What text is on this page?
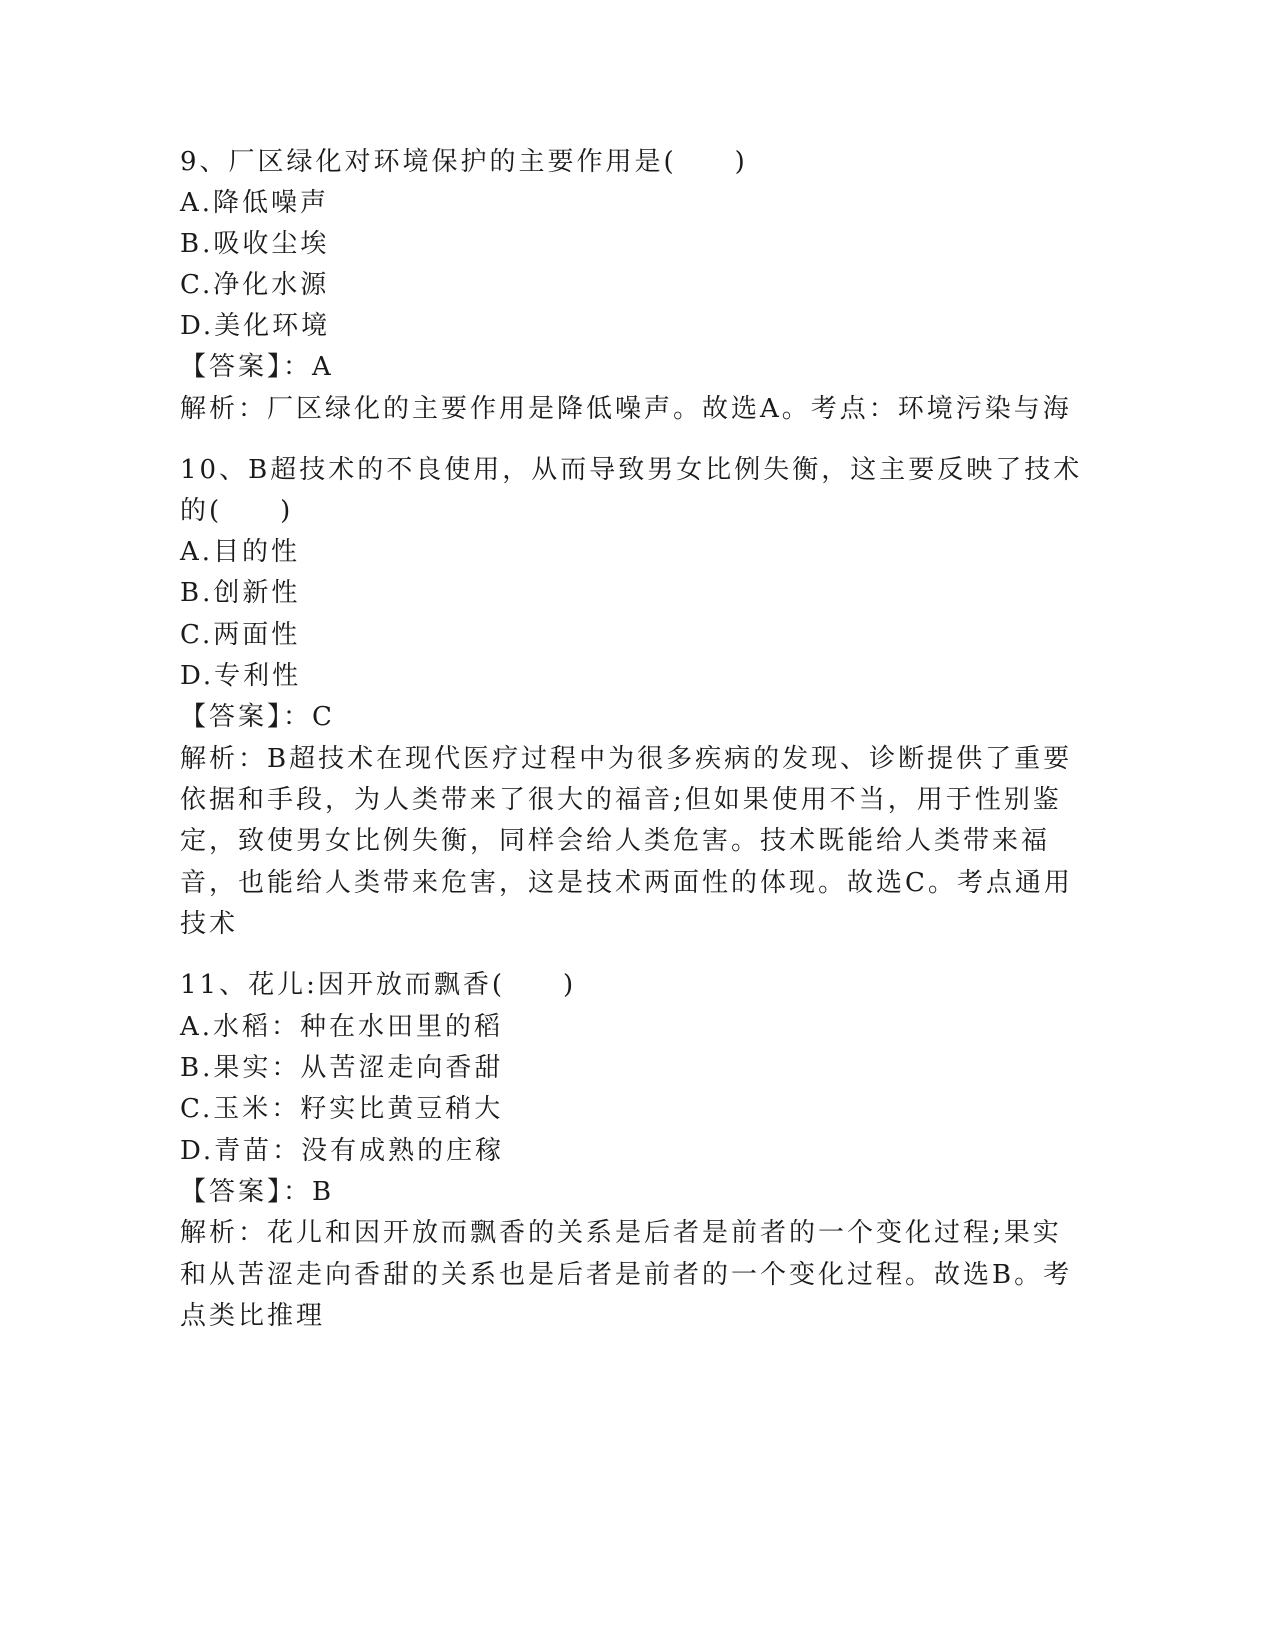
9、厂区绿化对环境保护的主要作用是(　　)
A.降低噪声
B.吸收尘埃
C.净化水源
D.美化环境
【答案】：A
解析：厂区绿化的主要作用是降低噪声。故选A。考点：环境污染与海
10、B超技术的不良使用，从而导致男女比例失衡，这主要反映了技术
的(　　)
A.目的性
B.创新性
C.两面性
D.专利性
【答案】：C
解析：B超技术在现代医疗过程中为很多疾病的发现、诊断提供了重要
依据和手段，为人类带来了很大的福音;但如果使用不当，用于性别鉴
定，致使男女比例失衡，同样会给人类危害。技术既能给人类带来福
音，也能给人类带来危害，这是技术两面性的体现。故选C。考点通用
技术
11、花儿:因开放而飘香(　　)
A.水稻：种在水田里的稻
B.果实：从苦涩走向香甜
C.玉米：籽实比黄豆稍大
D.青苗：没有成熟的庄稼
【答案】：B
解析：花儿和因开放而飘香的关系是后者是前者的一个变化过程;果实
和从苦涩走向香甜的关系也是后者是前者的一个变化过程。故选B。考
点类比推理
